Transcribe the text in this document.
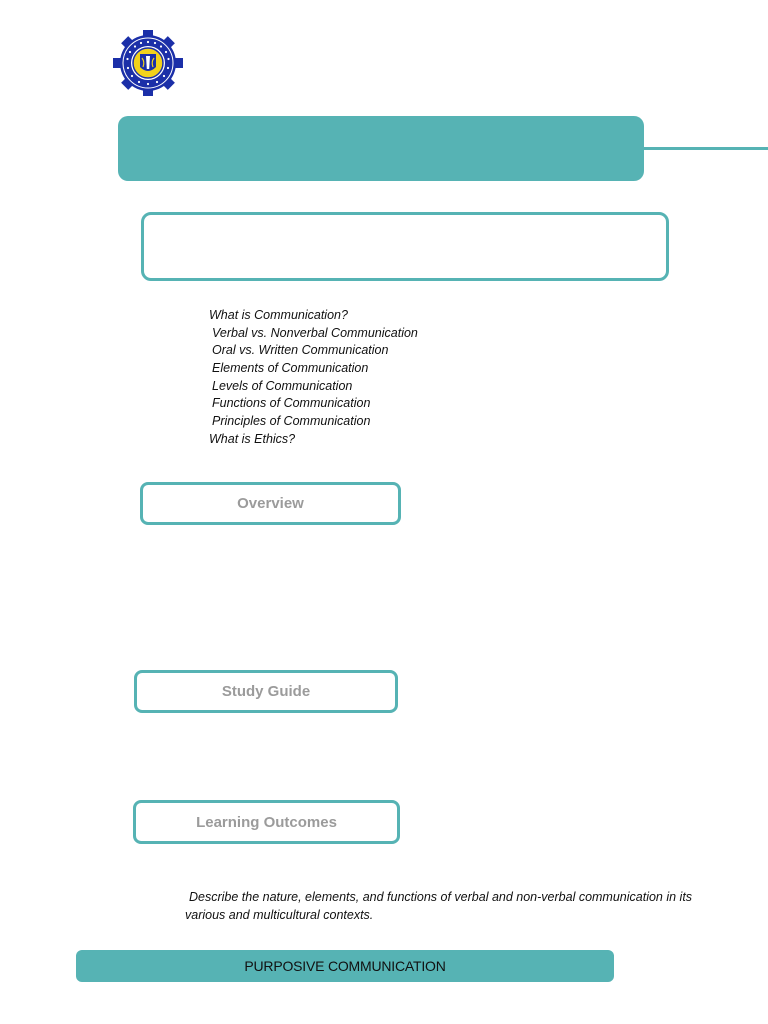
What is Communication?
Verbal vs. Nonverbal Communication
Oral vs. Written Communication
Elements of Communication
Levels of Communication
Functions of Communication
Principles of Communication
What is Ethics?
Overview
Study Guide
Learning Outcomes
Describe the nature, elements, and functions of verbal and non-verbal communication in its various and multicultural contexts.
PURPOSIVE COMMUNICATION
